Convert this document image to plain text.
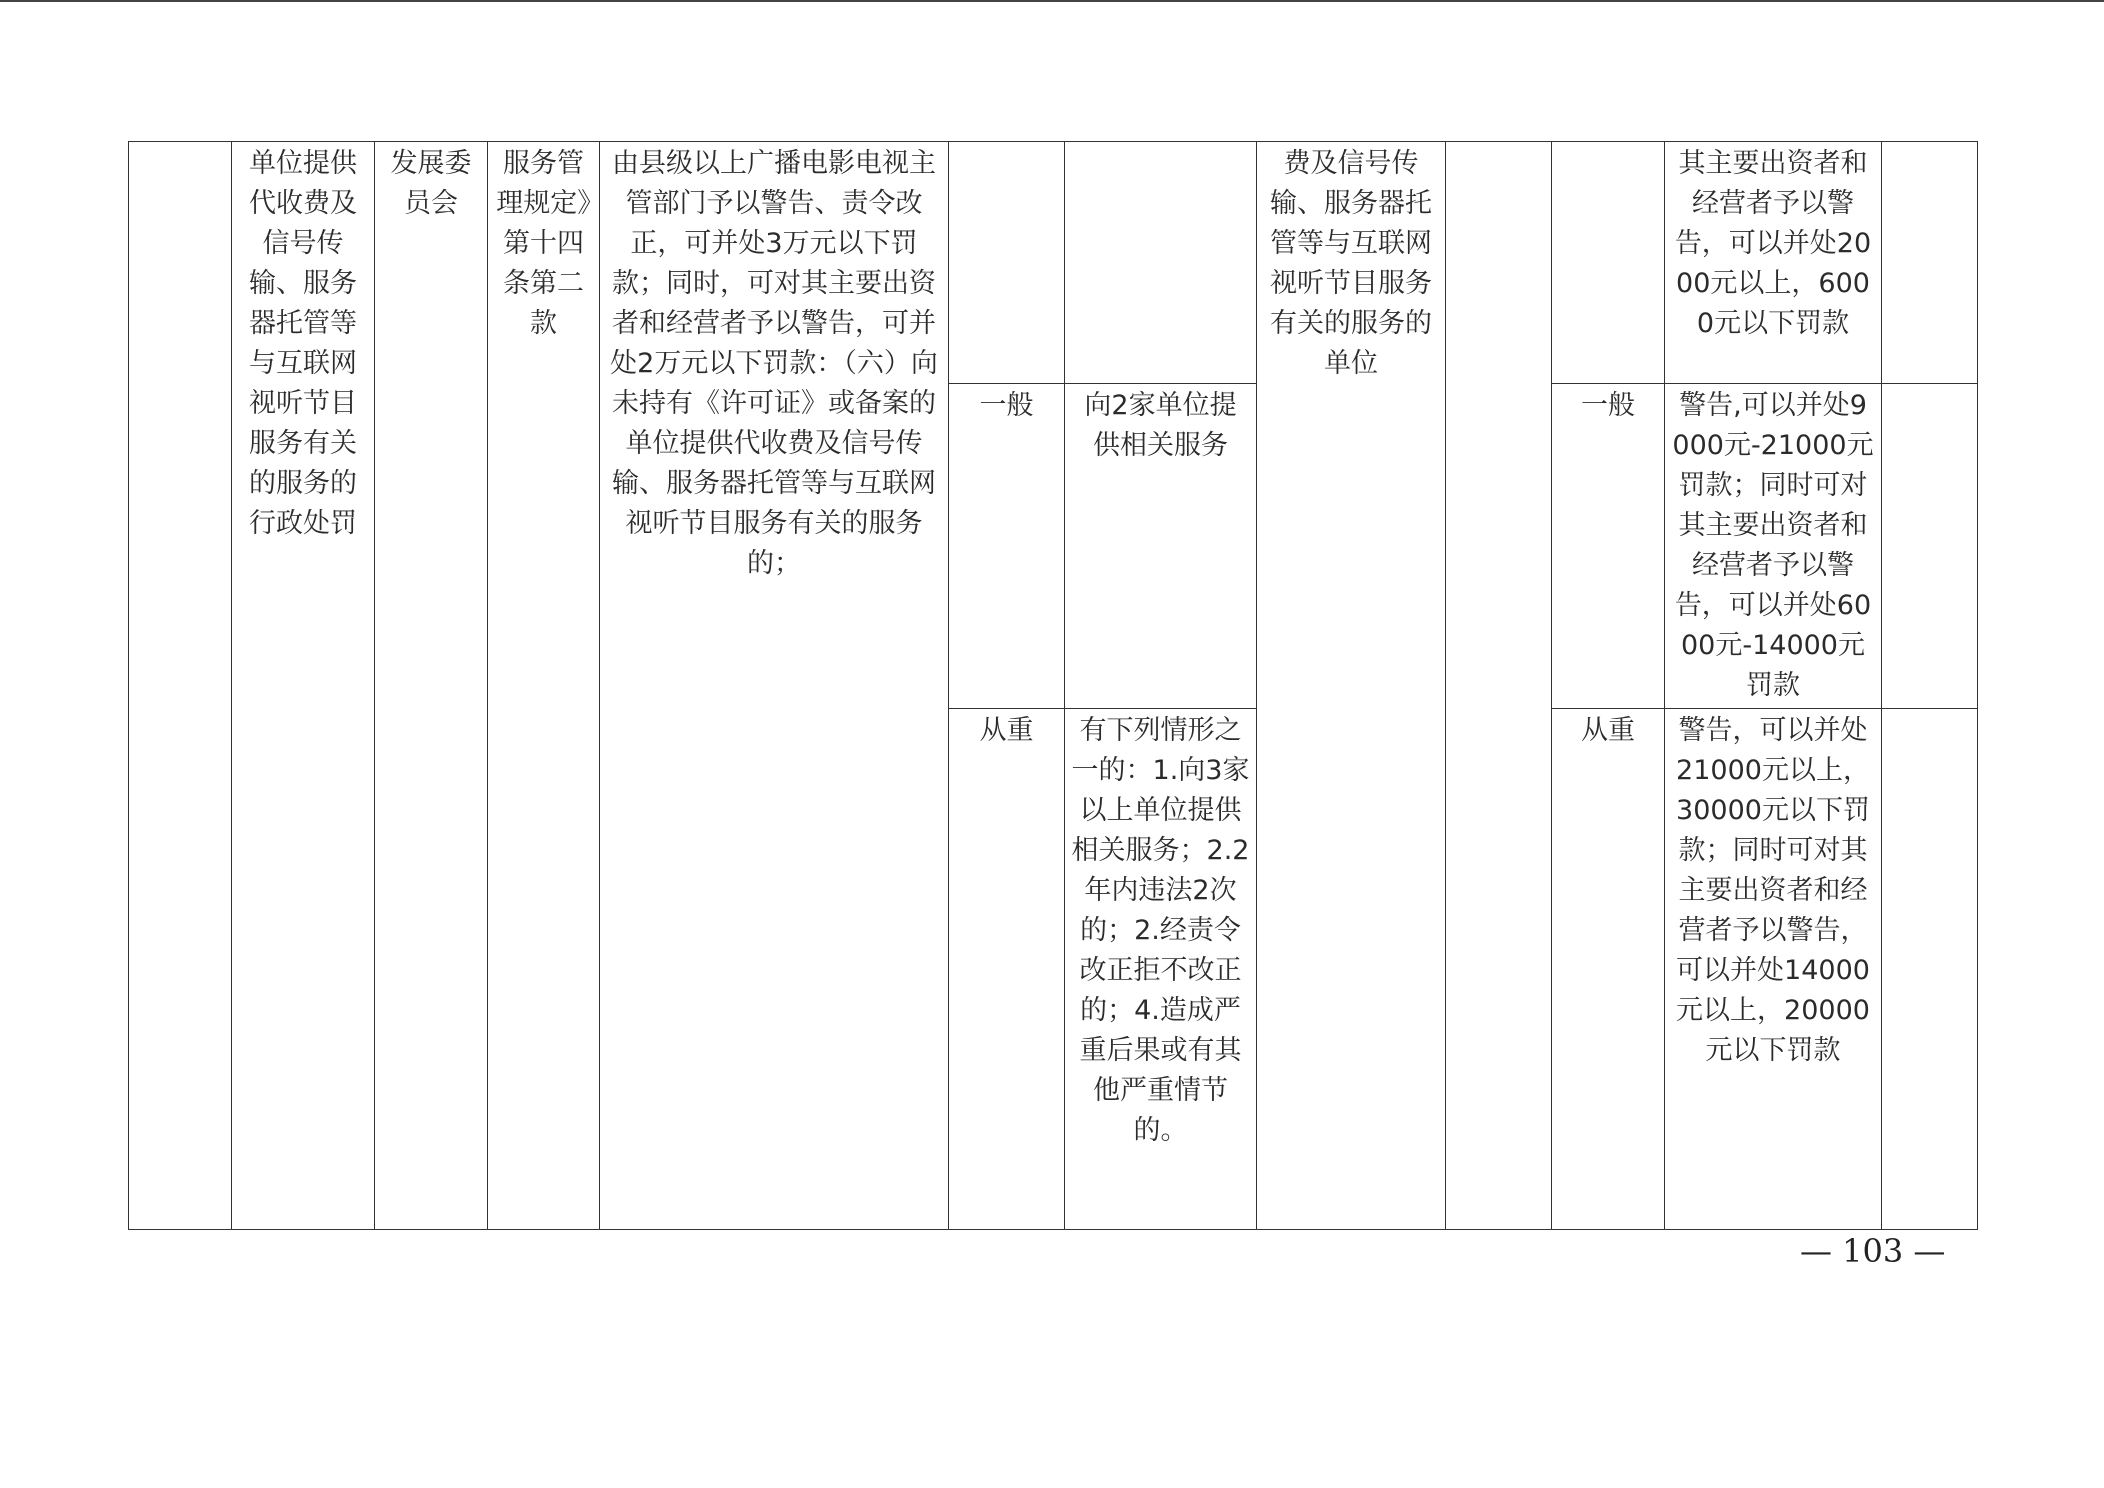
	单位提供代收费及信号传输、服务器托管等与互联网视听节目服务有关的服务的行政处罚	发展委员会	服务管理规定》第十四条第二款	由县级以上广播电影电视主管部门予以警告、责令改正，可并处3万元以下罚款；同时，可对其主要出资者和经营者予以警告，可并处2万元以下罚款：（六）向未持有《许可证》或备案的单位提供代收费及信号传输、服务器托管等与互联网视听节目服务有关的服务的；			费及信号传输、服务器托管等与互联网视听节目服务有关的服务的单位			其主要出资者和经营者予以警告，可以并处2000元以上，6000元以下罚款	
					一般	向2家单位提供相关服务			一般	警告,可以并处9000元-21000元罚款；同时可对其主要出资者和经营者予以警告，可以并处6000元-14000元罚款	
					从重	有下列情形之一的：1.向3家以上单位提供相关服务；2.2年内违法2次的；2.经责令改正拒不改正的；4.造成严重后果或有其他严重情节的。			从重	警告，可以并处21000元以上，30000元以下罚款；同时可对其主要出资者和经营者予以警告，可以并处14000元以上，20000元以下罚款	
— 103 —
